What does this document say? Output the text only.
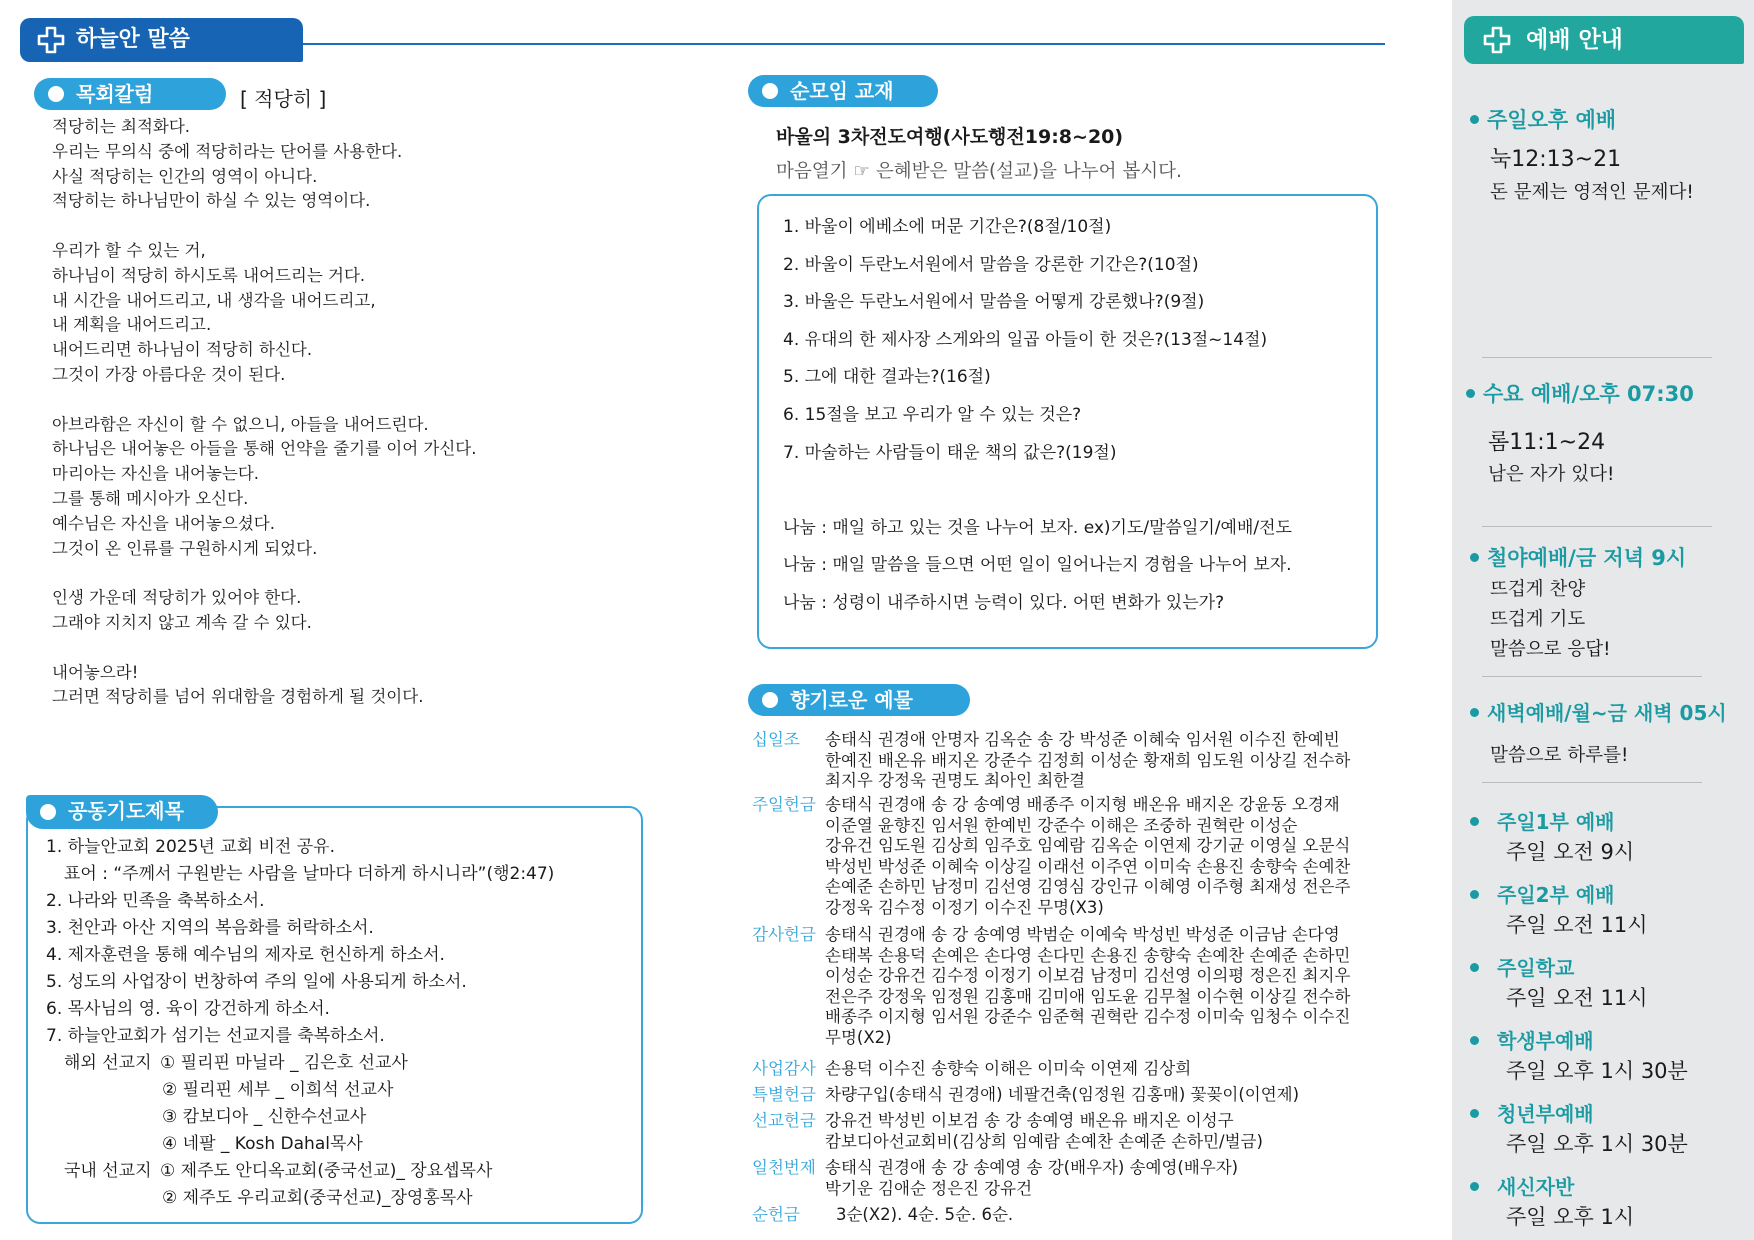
하늘안 말씀
목회칼럼	[ 적당히 ]
적당히는 최적화다.
우리는 무의식 중에 적당히라는 단어를 사용한다.
사실 적당히는 인간의 영역이 아니다.
적당히는 하나님만이 하실 수 있는 영역이다.
우리가 할 수 있는 거,
하나님이 적당히 하시도록 내어드리는 거다.
내 시간을 내어드리고, 내 생각을 내어드리고,
내 계획을 내어드리고.
내어드리면 하나님이 적당히 하신다.
그것이 가장 아름다운 것이 된다.
아브라함은 자신이 할 수 없으니, 아들을 내어드린다.
하나님은 내어놓은 아들을 통해 언약을 줄기를 이어 가신다.
마리아는 자신을 내어놓는다.
그를 통해 메시아가 오신다.
예수님은 자신을 내어놓으셨다.
그것이 온 인류를 구원하시게 되었다.
인생 가운데 적당히가 있어야 한다.
그래야 지치지 않고 계속 갈 수 있다.
내어놓으라!
그러면 적당히를 넘어 위대함을 경험하게 될 것이다.
공동기도제목
1. 하늘안교회 2025년 교회 비전 공유.
표어 : “주께서 구원받는 사람을 날마다 더하게 하시니라”(행2:47)
2. 나라와 민족을 축복하소서.
3. 천안과 아산 지역의 복음화를 허락하소서.
4. 제자훈련을 통해 예수님의 제자로 헌신하게 하소서.
5. 성도의 사업장이 번창하여 주의 일에 사용되게 하소서.
6. 목사님의 영. 육이 강건하게 하소서.
7. 하늘안교회가 섬기는 선교지를 축복하소서.
해외 선교지 ① 필리핀 마닐라 _ 김은호 선교사
② 필리핀 세부 _ 이희석 선교사
③ 캄보디아 _ 신한수선교사
④ 네팔 _ Kosh Dahal목사
국내 선교지 ① 제주도 안디옥교회(중국선교)_ 장요셉목사
② 제주도 우리교회(중국선교)_장영홍목사
순모임 교재
바울의 3차전도여행(사도행전19:8~20)
마음열기 ☞ 은혜받은 말씀(설교)을 나누어 봅시다.
1. 바울이 에베소에 머문 기간은?(8절/10절)
2. 바울이 두란노서원에서 말씀을 강론한 기간은?(10절)
3. 바울은 두란노서원에서 말씀을 어떻게 강론했나?(9절)
4. 유대의 한 제사장 스게와의 일곱 아들이 한 것은?(13절~14절)
5. 그에 대한 결과는?(16절)
6. 15절을 보고 우리가 알 수 있는 것은?
7. 마술하는 사람들이 태운 책의 값은?(19절)
나눔 : 매일 하고 있는 것을 나누어 보자. ex)기도/말씀일기/예배/전도
나눔 : 매일 말씀을 들으면 어떤 일이 일어나는지 경험을 나누어 보자.
나눔 : 성령이 내주하시면 능력이 있다. 어떤 변화가 있는가?
향기로운 예물
십일조	송태식 권경애 안명자 김옥순 송 강 박성준 이혜숙 임서원 이수진 한예빈
한예진 배온유 배지온 강준수 김정희 이성순 황재희 임도원 이상길 전수하
최지우 강정욱 권명도 최아인 최한결
주일헌금 송태식 권경애 송 강 송예영 배종주 이지형 배온유 배지온 강윤동 오경재
이준열 윤향진 임서원 한예빈 강준수 이해은 조중하 권혁란 이성순
강유건 임도원 김상희 임주호 임예람 김옥순 이연제 강기균 이영실 오문식
박성빈 박성준 이혜숙 이상길 이래선 이주연 이미숙 손용진 송향숙 손예찬
손예준 손하민 남정미 김선영 김영심 강인규 이혜영 이주형 최재성 전은주
강정욱 김수정 이정기 이수진 무명(X3)
감사헌금 송태식 권경애 송 강 송예영 박범순 이예숙 박성빈 박성준 이금남 손다영
손태복 손용덕 손예은 손다영 손다민 손용진 송향숙 손예찬 손예준 손하민
이성순 강유건 김수정 이정기 이보검 남정미 김선영 이의평 정은진 최지우
전은주 강정욱 임정원 김홍매 김미애 임도윤 김무철 이수현 이상길 전수하
배종주 이지형 임서원 강준수 임준혁 권혁란 김수정 이미숙 임청수 이수진
무명(X2)
사업감사 손용덕 이수진 송향숙 이해은 이미숙 이연제 김상희
특별헌금 차량구입(송태식 권경애) 네팔건축(임정원 김홍매) 꽃꽂이(이연제)
선교헌금 강유건 박성빈 이보검 송 강 송예영 배온유 배지온 이성구
캄보디아선교회비(김상희 임예람 손예찬 손예준 손하민/벌금)
일천번제 송태식 권경애 송 강 송예영 송 강(배우자) 송예영(배우자)
박기운 김애순 정은진 강유건
순헌금	3순(X2). 4순. 5순. 6순.
예배 안내
주일오후 예배
눅12:13~21
돈 문제는 영적인 문제다!
수요 예배/오후 07:30
롬11:1~24
남은 자가 있다!
철야예배/금 저녁 9시
뜨겁게 찬양
뜨겁게 기도
말씀으로 응답!
새벽예배/월~금 새벽 05시
말씀으로 하루를!
주일1부 예배
주일 오전 9시
주일2부 예배
주일 오전 11시
주일학교
주일 오전 11시
학생부예배
주일 오후 1시 30분
청년부예배
주일 오후 1시 30분
새신자반
주일 오후 1시
